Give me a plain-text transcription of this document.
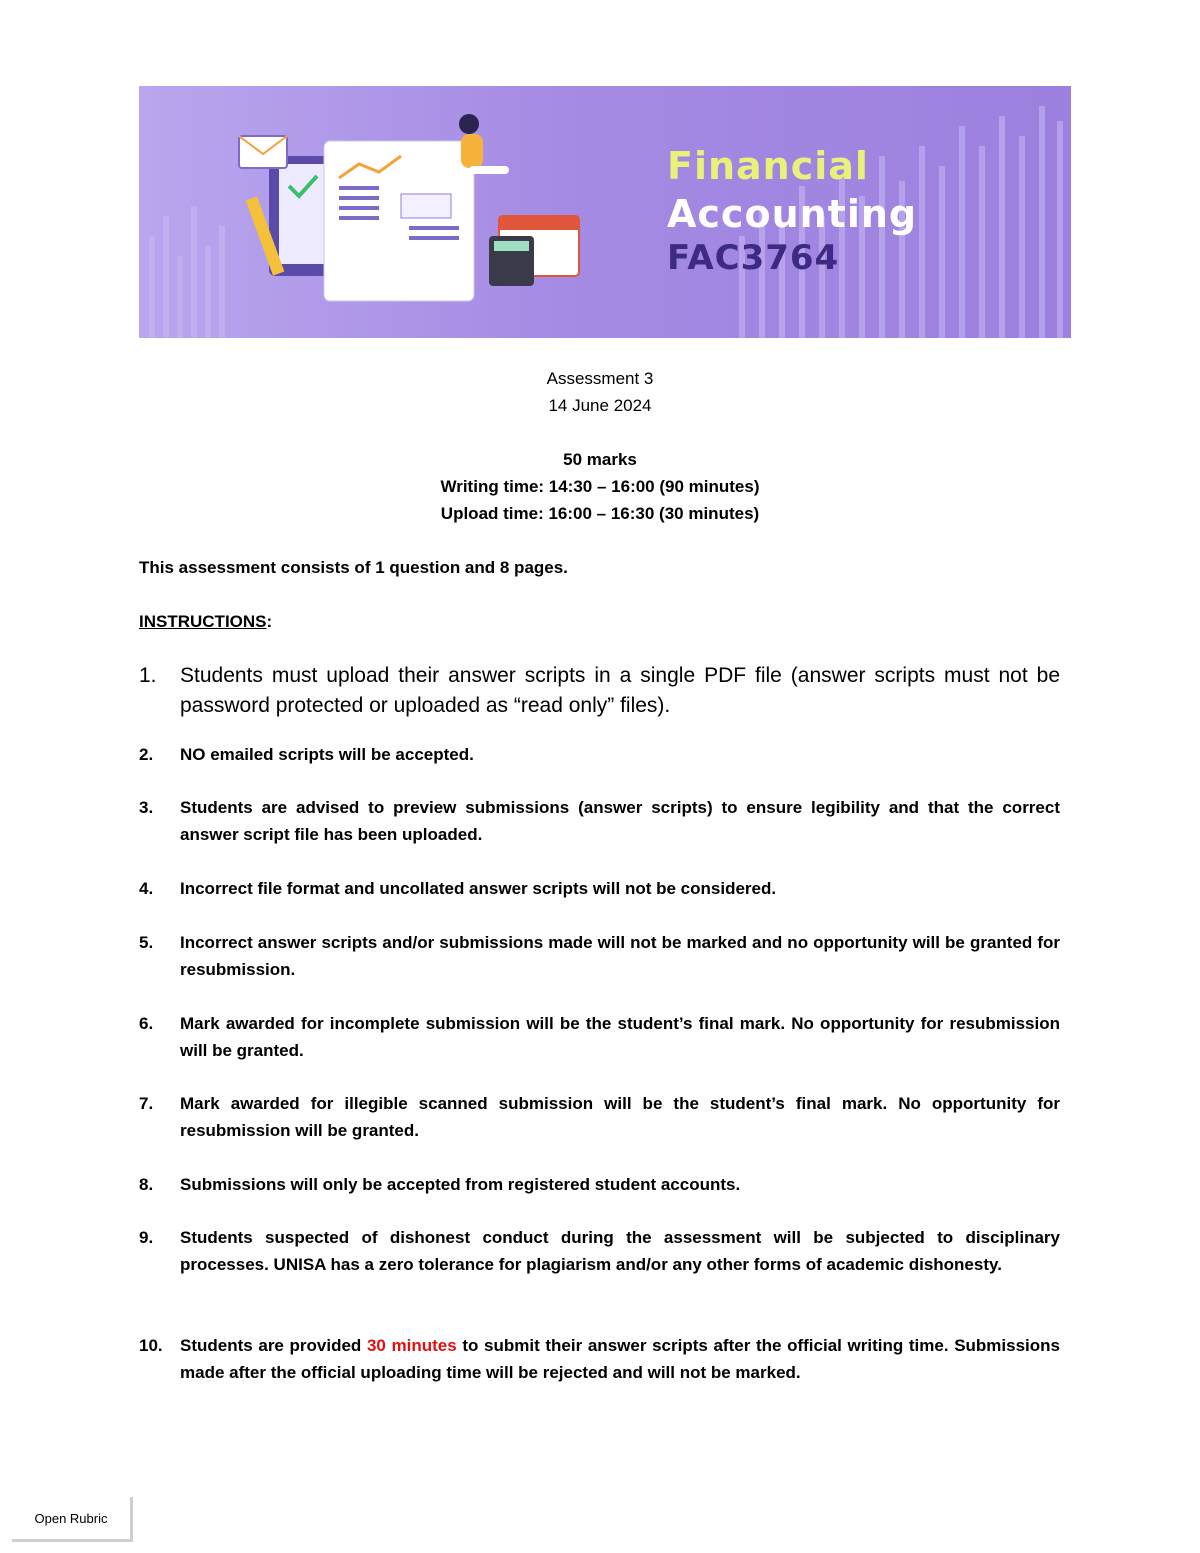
Financial
Accounting
FAC3764
Assessment 3
14 June 2024
50 marks
Writing time: 14:30 – 16:00 (90 minutes)
Upload time: 16:00 – 16:30 (30 minutes)
This assessment consists of 1 question and 8 pages.
INSTRUCTIONS:
1. Students must upload their answer scripts in a single PDF file (answer scripts must not be password protected or uploaded as “read only” files).
2. NO emailed scripts will be accepted.
3. Students are advised to preview submissions (answer scripts) to ensure legibility and that the correct answer script file has been uploaded.
4. Incorrect file format and uncollated answer scripts will not be considered.
5. Incorrect answer scripts and/or submissions made will not be marked and no opportunity will be granted for resubmission.
6. Mark awarded for incomplete submission will be the student’s final mark. No opportunity for resubmission will be granted.
7. Mark awarded for illegible scanned submission will be the student’s final mark. No opportunity for resubmission will be granted.
8. Submissions will only be accepted from registered student accounts.
9. Students suspected of dishonest conduct during the assessment will be subjected to disciplinary processes. UNISA has a zero tolerance for plagiarism and/or any other forms of academic dishonesty.
10. Students are provided 30 minutes to submit their answer scripts after the official writing time. Submissions made after the official uploading time will be rejected and will not be marked.
Open Rubric
